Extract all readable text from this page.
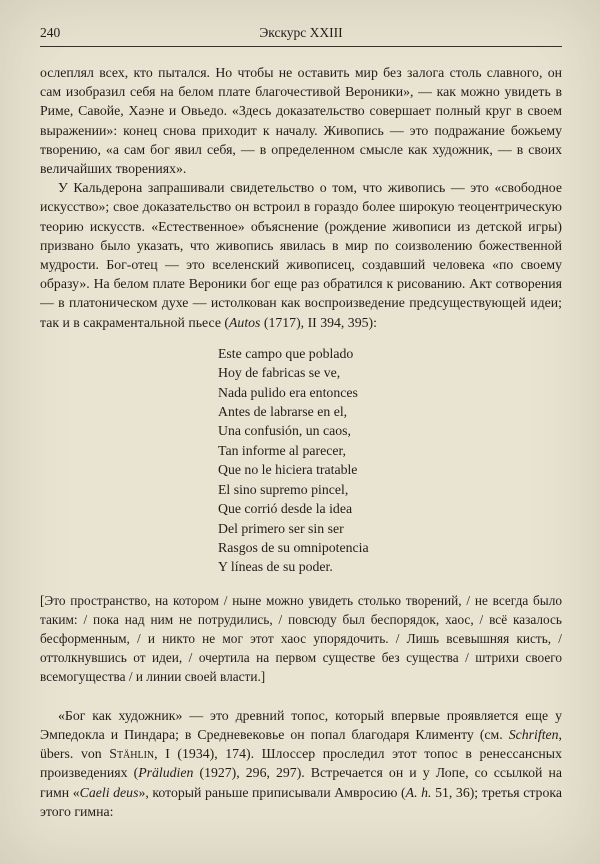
240	Экскурс XXIII

ослеплял всех, кто пытался. Но чтобы не оставить мир без залога столь славного, он сам изобразил себя на белом плате благочестивой Вероники», — как можно увидеть в Риме, Савойе, Хаэне и Овьедо. «Здесь доказательство совершает полный круг в своем выражении»: конец снова приходит к началу. Живопись — это подражание божьему творению, «а сам бог явил себя, — в определенном смысле как художник, — в своих величайших творениях».

У Кальдерона запрашивали свидетельство о том, что живопись — это «свободное искусство»; свое доказательство он встроил в гораздо более широкую теоцентрическую теорию искусств. «Естественное» объяснение (рождение живописи из детской игры) призвано было указать, что живопись явилась в мир по соизволению божественной мудрости. Бог-отец — это вселенский живописец, создавший человека «по своему образу». На белом плате Вероники бог еще раз обратился к рисованию. Акт сотворения — в платоническом духе — истолкован как воспроизведение предсуществующей идеи; так и в сакраментальной пьесе (Autos (1717), II 394, 395):

Este campo que poblado
Hoy de fabricas se ve,
Nada pulido era entonces
Antes de labrarse en el,
Una confusión, un caos,
Tan informe al parecer,
Que no le hiciera tratable
El sino supremo pincel,
Que corrió desde la idea
Del primero ser sin ser
Rasgos de su omnipotencia
Y líneas de su poder.

[Это пространство, на котором / ныне можно увидеть столько творений, / не всегда было таким: / пока над ним не потрудились, / повсюду был беспорядок, хаос, / всё казалось бесформенным, / и никто не мог этот хаос упорядочить. / Лишь всевышняя кисть, / оттолкнувшись от идеи, / очертила на первом существе без существа / штрихи своего всемогущества / и линии своей власти.]

«Бог как художник» — это древний топос, который впервые проявляется еще у Эмпедокла и Пиндара; в Средневековье он попал благодаря Клименту (см. Schriften, übers. von Stählin, I (1934), 174). Шлоссер проследил этот топос в ренессансных произведениях (Präludien (1927), 296, 297). Встречается он и у Лопе, со ссылкой на гимн «Caeli deus», который раньше приписывали Амвросию (A. h. 51, 36); третья строка этого гимна:
